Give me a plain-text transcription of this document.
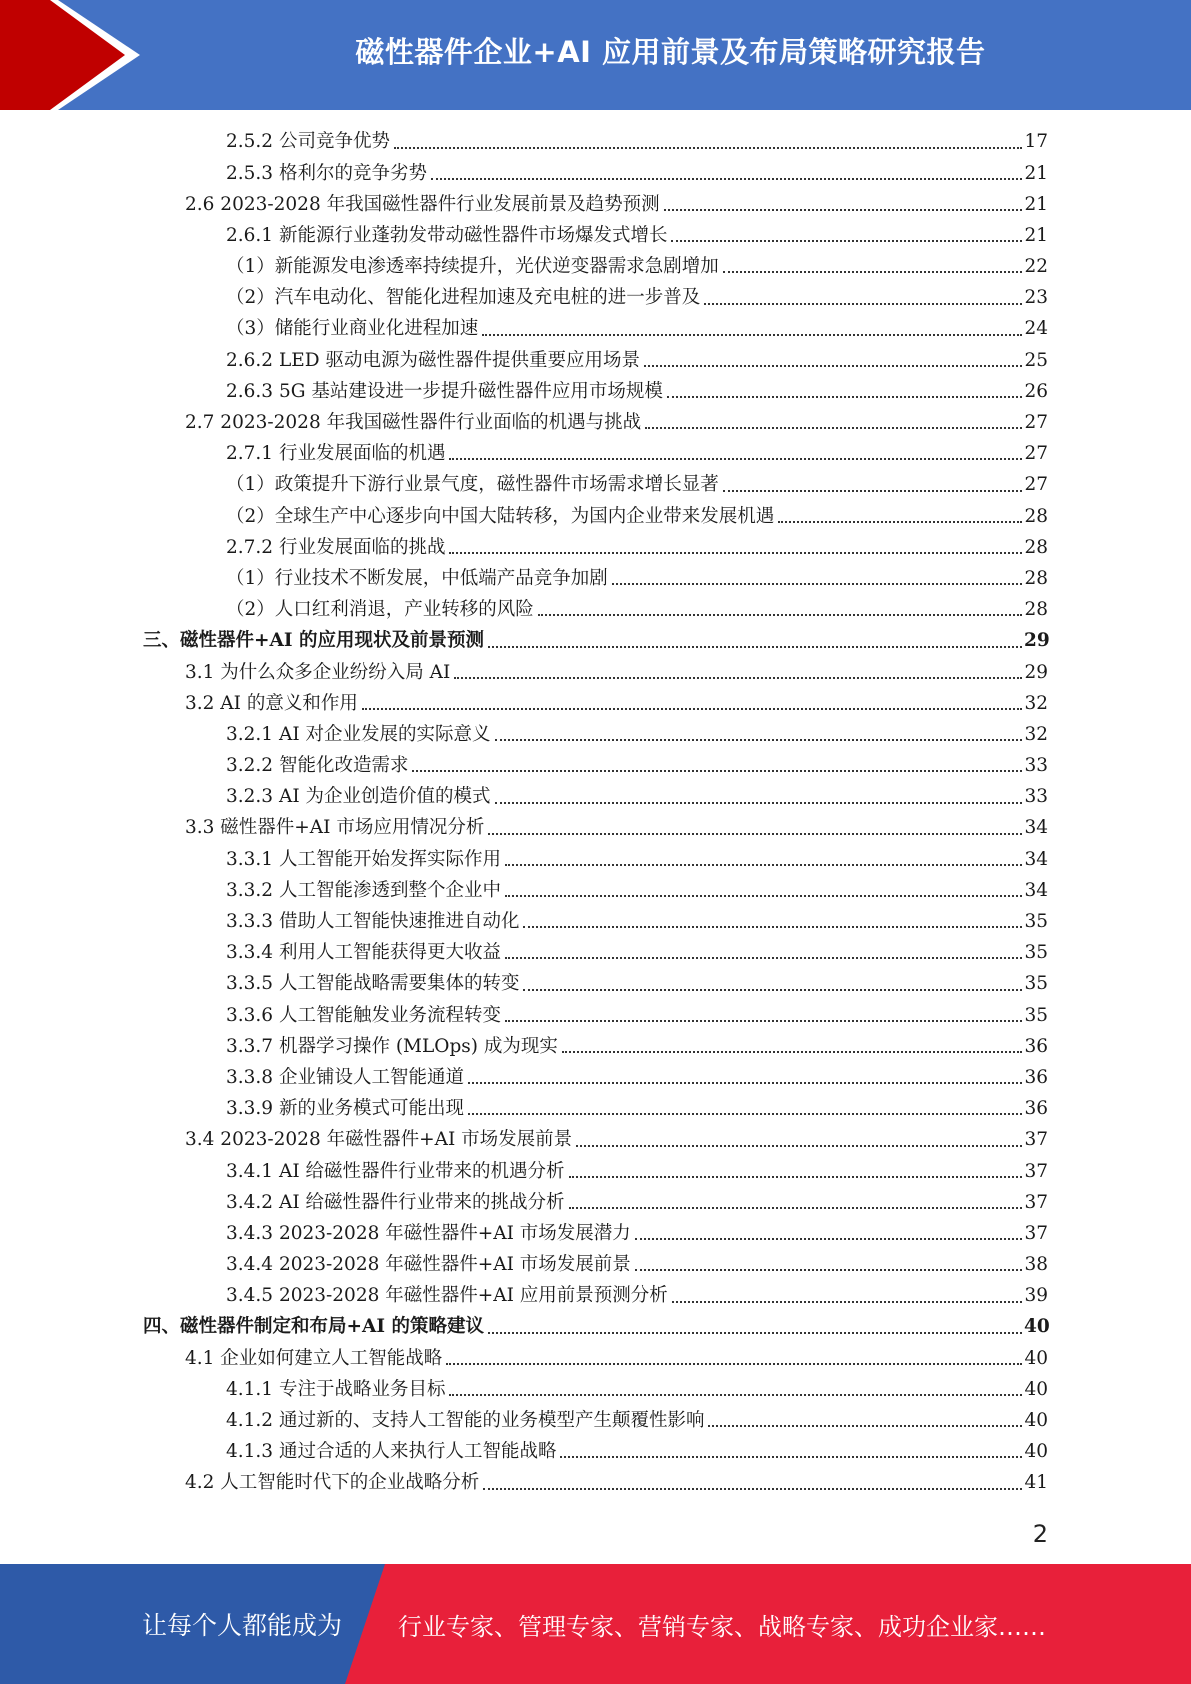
磁性器件企业+AI 应用前景及布局策略研究报告
2.5.2 公司竞争优势	17
2.5.3 格利尔的竞争劣势	21
2.6 2023-2028 年我国磁性器件行业发展前景及趋势预测	21
2.6.1 新能源行业蓬勃发带动磁性器件市场爆发式增长	21
（1）新能源发电渗透率持续提升，光伏逆变器需求急剧增加	22
（2）汽车电动化、智能化进程加速及充电桩的进一步普及	23
（3）储能行业商业化进程加速	24
2.6.2 LED 驱动电源为磁性器件提供重要应用场景	25
2.6.3 5G 基站建设进一步提升磁性器件应用市场规模	26
2.7 2023-2028 年我国磁性器件行业面临的机遇与挑战	27
2.7.1 行业发展面临的机遇	27
（1）政策提升下游行业景气度，磁性器件市场需求增长显著	27
（2）全球生产中心逐步向中国大陆转移，为国内企业带来发展机遇	28
2.7.2 行业发展面临的挑战	28
（1）行业技术不断发展，中低端产品竞争加剧	28
（2）人口红利消退，产业转移的风险	28
三、磁性器件+AI 的应用现状及前景预测	29
3.1 为什么众多企业纷纷入局 AI	29
3.2 AI 的意义和作用	32
3.2.1 AI 对企业发展的实际意义	32
3.2.2 智能化改造需求	33
3.2.3 AI 为企业创造价值的模式	33
3.3 磁性器件+AI 市场应用情况分析	34
3.3.1 人工智能开始发挥实际作用	34
3.3.2 人工智能渗透到整个企业中	34
3.3.3 借助人工智能快速推进自动化	35
3.3.4 利用人工智能获得更大收益	35
3.3.5 人工智能战略需要集体的转变	35
3.3.6 人工智能触发业务流程转变	35
3.3.7 机器学习操作 (MLOps) 成为现实	36
3.3.8 企业铺设人工智能通道	36
3.3.9 新的业务模式可能出现	36
3.4 2023-2028 年磁性器件+AI 市场发展前景	37
3.4.1 AI 给磁性器件行业带来的机遇分析	37
3.4.2 AI 给磁性器件行业带来的挑战分析	37
3.4.3 2023-2028 年磁性器件+AI 市场发展潜力	37
3.4.4 2023-2028 年磁性器件+AI 市场发展前景	38
3.4.5 2023-2028 年磁性器件+AI 应用前景预测分析	39
四、磁性器件制定和布局+AI 的策略建议	40
4.1 企业如何建立人工智能战略	40
4.1.1 专注于战略业务目标	40
4.1.2 通过新的、支持人工智能的业务模型产生颠覆性影响	40
4.1.3 通过合适的人来执行人工智能战略	40
4.2 人工智能时代下的企业战略分析	41
2
让每个人都能成为 行业专家、管理专家、营销专家、战略专家、成功企业家……
